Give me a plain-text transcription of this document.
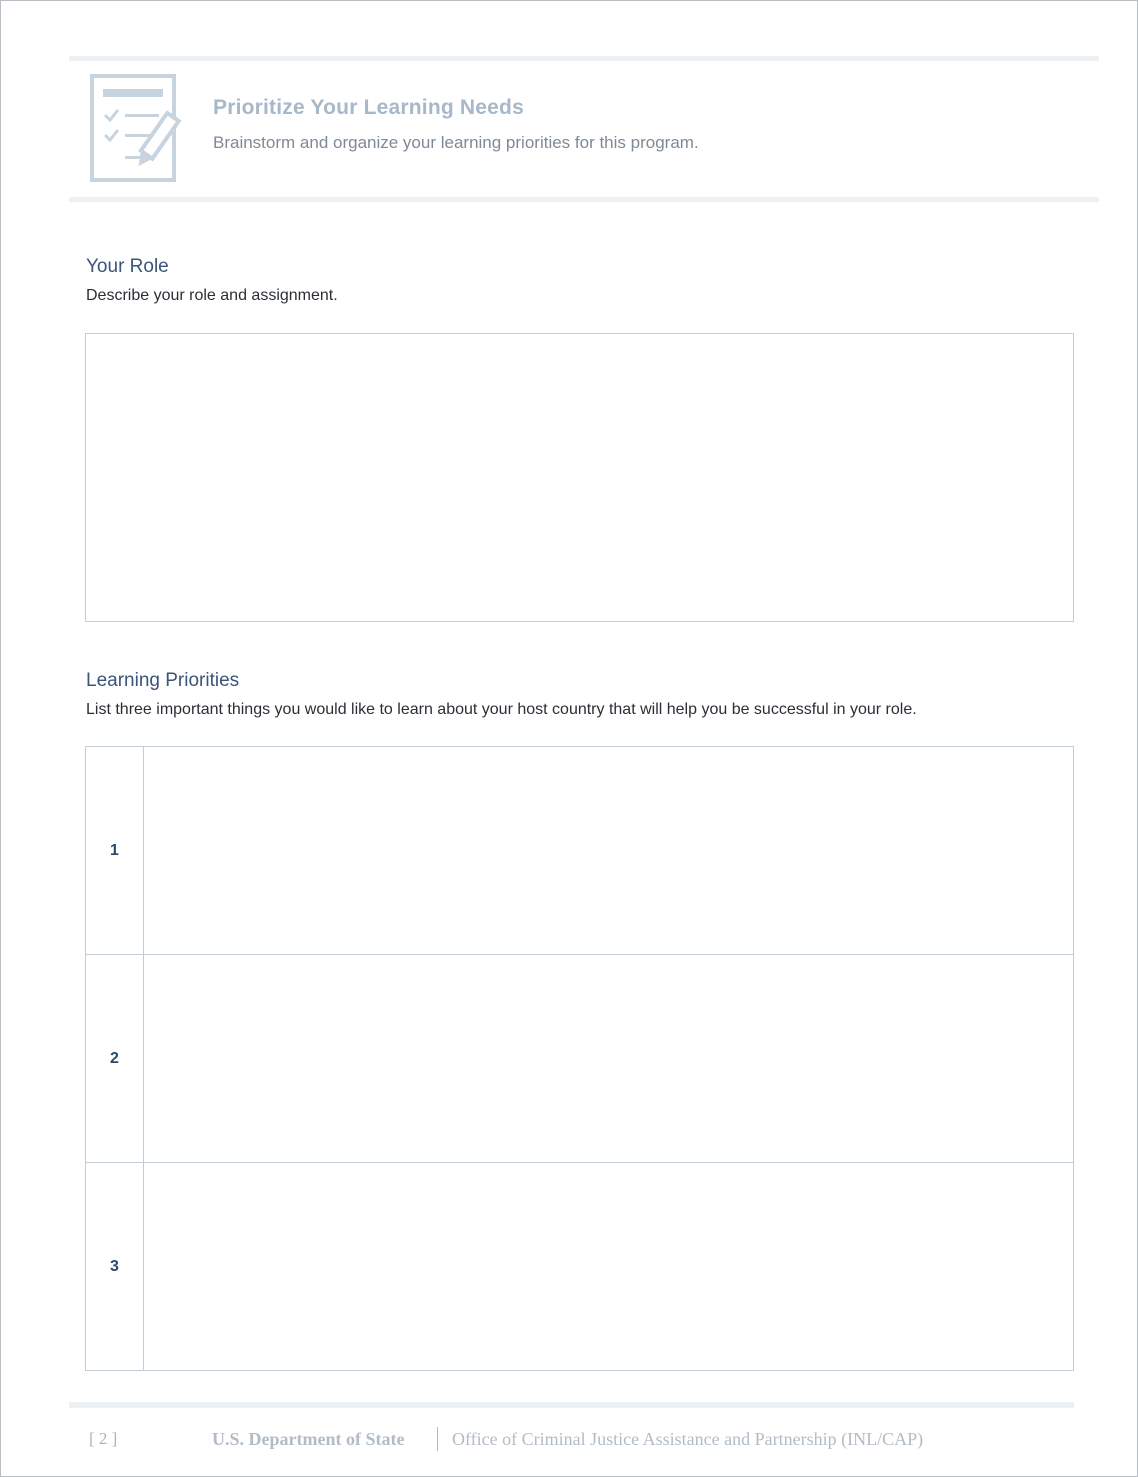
Prioritize Your Learning Needs
Brainstorm and organize your learning priorities for this program.
Your Role
Describe your role and assignment.
Learning Priorities
List three important things you would like to learn about your host country that will help you be successful in your role.
1
2
3
[ 2 ]	U.S. Department of State	Office of Criminal Justice Assistance and Partnership (INL/CAP)
